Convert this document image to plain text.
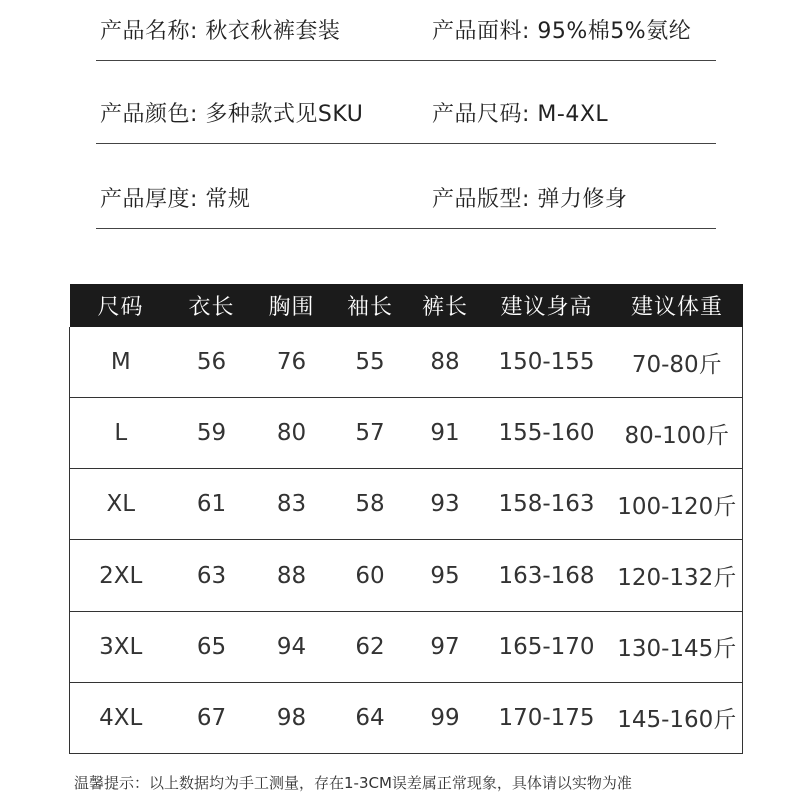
产品名称: 秋衣秋裤套装	产品面料: 95%棉5%氨纶
产品颜色: 多种款式见SKU	产品尺码: M-4XL
产品厚度: 常规	产品版型: 弹力修身
尺码	衣长	胸围	袖长	裤长	建议身高	建议体重
M	56	76	55	88	150-155	70-80斤
L	59	80	57	91	155-160	80-100斤
XL	61	83	58	93	158-163	100-120斤
2XL	63	88	60	95	163-168	120-132斤
3XL	65	94	62	97	165-170	130-145斤
4XL	67	98	64	99	170-175	145-160斤
温馨提示：以上数据均为手工测量，存在1-3CM误差属正常现象，具体请以实物为准
